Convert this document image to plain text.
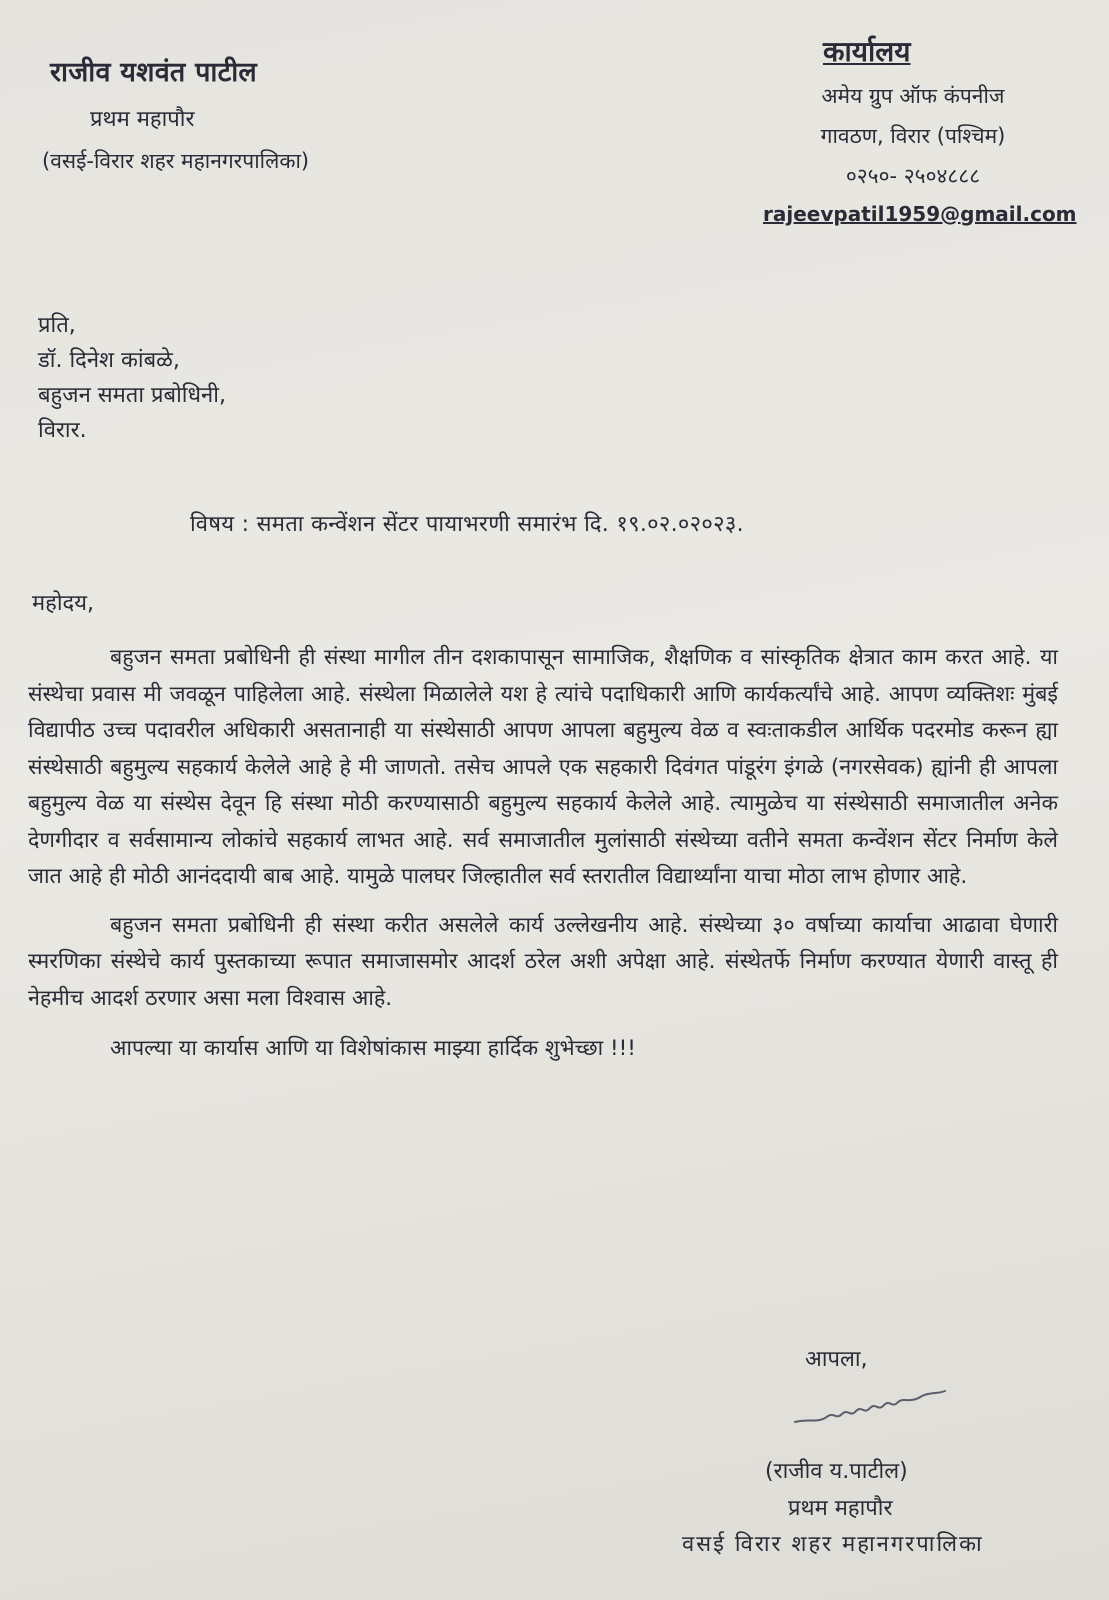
राजीव यशवंत पाटील

प्रथम महापौर

(वसई-विरार शहर महानगरपालिका)

कार्यालय

अमेय ग्रुप ऑफ कंपनीज

गावठण, विरार (पश्चिम)

०२५०- २५०४८८८

rajeevpatil1959@gmail.com

प्रति,
डॉ. दिनेश कांबळे,
बहुजन समता प्रबोधिनी,
विरार.
विषय : समता कन्वेंशन सेंटर पायाभरणी समारंभ दि. १९.०२.०२०२३.
महोदय,

बहुजन समता प्रबोधिनी ही संस्था मागील तीन दशकापासून सामाजिक, शैक्षणिक व सांस्कृतिक क्षेत्रात काम करत आहे. या संस्थेचा प्रवास मी जवळून पाहिलेला आहे. संस्थेला मिळालेले यश हे त्यांचे पदाधिकारी आणि कार्यकर्त्यांचे आहे. आपण व्यक्तिशः मुंबई विद्यापीठ उच्च पदावरील अधिकारी असतानाही या संस्थेसाठी आपण आपला बहुमुल्य वेळ व स्वःताकडील आर्थिक पदरमोड करून ह्या संस्थेसाठी बहुमुल्य सहकार्य केलेले आहे हे मी जाणतो. तसेच आपले एक सहकारी दिवंगत पांडूरंग इंगळे (नगरसेवक) ह्यांनी ही आपला बहुमुल्य वेळ या संस्थेस देवून हि संस्था मोठी करण्यासाठी बहुमुल्य सहकार्य केलेले आहे. त्यामुळेच या संस्थेसाठी समाजातील अनेक देणगीदार व सर्वसामान्य लोकांचे सहकार्य लाभत आहे. सर्व समाजातील मुलांसाठी संस्थेच्या वतीने समता कन्वेंशन सेंटर निर्माण केले जात आहे ही मोठी आनंददायी बाब आहे. यामुळे पालघर जिल्हातील सर्व स्तरातील विद्यार्थ्यांना याचा मोठा लाभ होणार आहे.

बहुजन समता प्रबोधिनी ही संस्था करीत असलेले कार्य उल्लेखनीय आहे. संस्थेच्या ३० वर्षाच्या कार्याचा आढावा घेणारी स्मरणिका संस्थेचे कार्य पुस्तकाच्या रूपात समाजासमोर आदर्श ठरेल अशी अपेक्षा आहे. संस्थेतर्फे निर्माण करण्यात येणारी वास्तू ही नेहमीच आदर्श ठरणार असा मला विश्वास आहे.

आपल्या या कार्यास आणि या विशेषांकास माझ्या हार्दिक शुभेच्छा !!!

आपला,
(राजीव य.पाटील)
प्रथम महापौर
वसई विरार शहर महानगरपालिका
